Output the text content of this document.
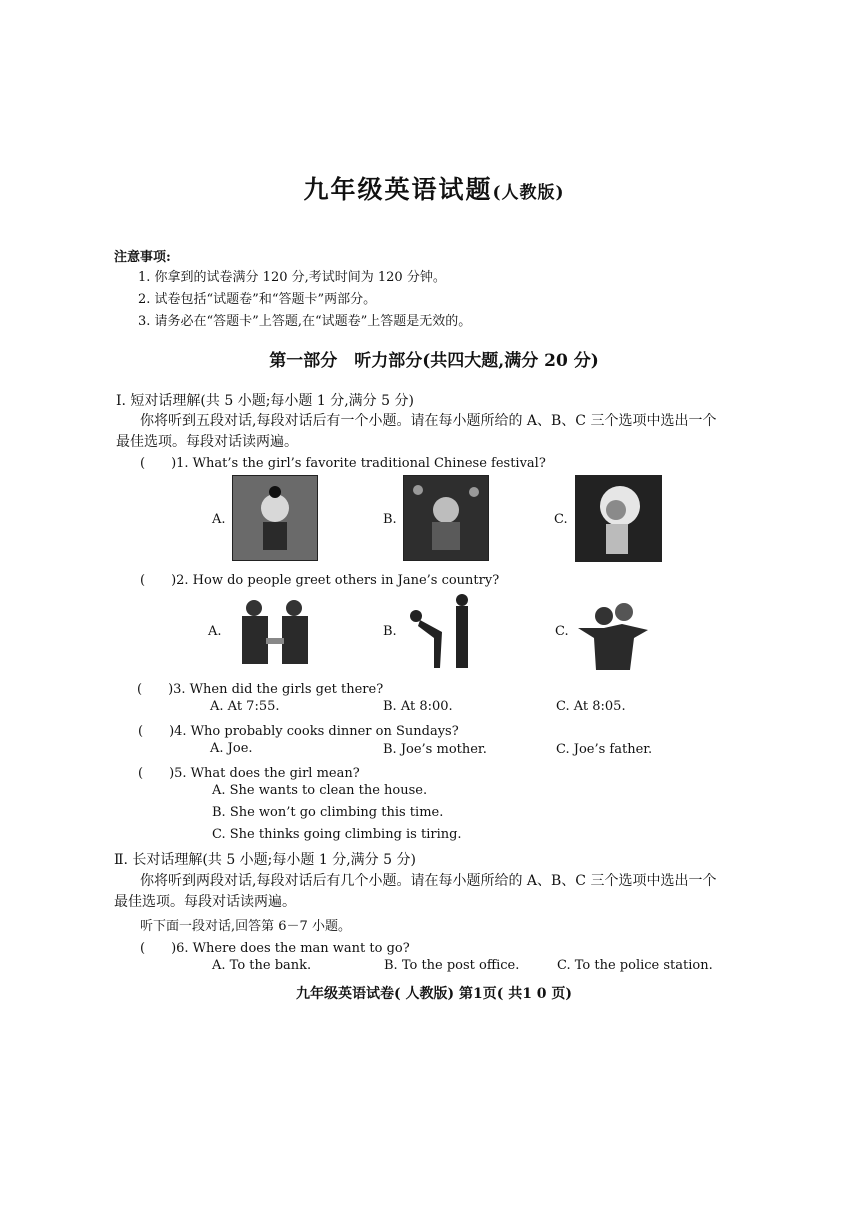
九年级英语试题(人教版)
注意事项:
1. 你拿到的试卷满分 120 分,考试时间为 120 分钟。
2. 试卷包括“试题卷”和“答题卡”两部分。
3. 请务必在“答题卡”上答题,在“试题卷”上答题是无效的。
第一部分　听力部分(共四大题,满分 20 分)
Ⅰ. 短对话理解(共 5 小题;每小题 1 分,满分 5 分)
你将听到五段对话,每段对话后有一个小题。请在每小题所给的 A、B、C 三个选项中选出一个
最佳选项。每段对话读两遍。
(　　)1. What’s the girl’s favorite traditional Chinese festival?
A.	B.	C.
(　　)2. How do people greet others in Jane’s country?
A.	B.	C.
(　　)3. When did the girls get there?
A. At 7:55.	B. At 8:00.	C. At 8:05.
(　　)4. Who probably cooks dinner on Sundays?
A. Joe.	B. Joe’s mother.	C. Joe’s father.
(　　)5. What does the girl mean?
A. She wants to clean the house.
B. She won’t go climbing this time.
C. She thinks going climbing is tiring.
Ⅱ. 长对话理解(共 5 小题;每小题 1 分,满分 5 分)
你将听到两段对话,每段对话后有几个小题。请在每小题所给的 A、B、C 三个选项中选出一个
最佳选项。每段对话读两遍。
听下面一段对话,回答第 6－7 小题。
(　　)6. Where does the man want to go?
A. To the bank.	B. To the post office.	C. To the police station.
九年级英语试卷( 人教版) 第1页( 共1 0 页)
